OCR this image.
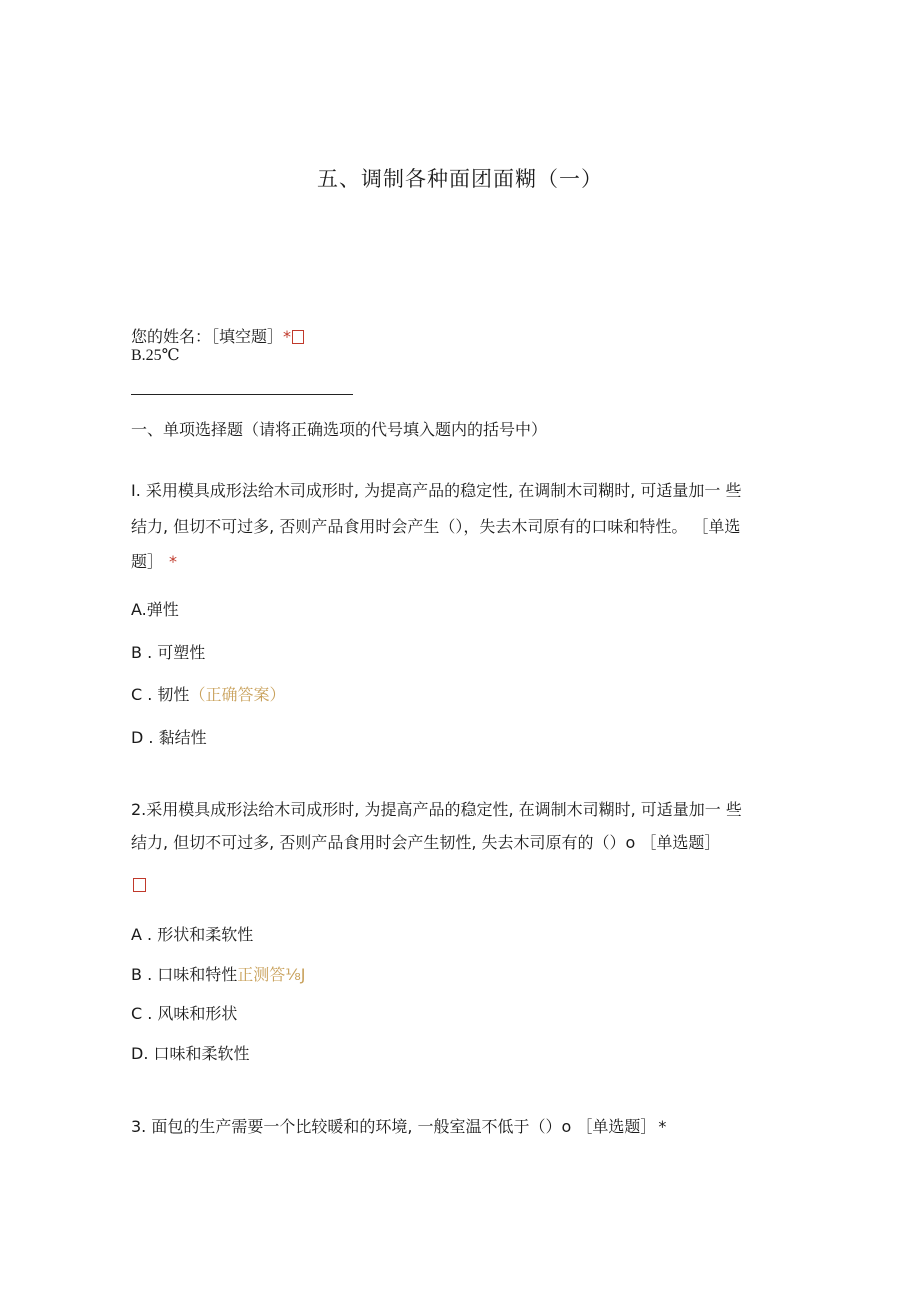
五、调制各种面团面糊（一）
您的姓名：［填空题］*
B.25℃
一、单项选择题（请将正确选项的代号填入题内的括号中）
I. 采用模具成形法给木司成形时, 为提高产品的稳定性, 在调制木司糊时, 可适量加一 些
结力, 但切不可过多, 否则产品食用时会产生（），失去木司原有的口味和特性。 ［单选
题］ *
A.弹性
B . 可塑性
C . 韧性（正确答案）
D . 黏结性
2.采用模具成形法给木司成形时, 为提高产品的稳定性, 在调制木司糊时, 可适量加一 些
结力, 但切不可过多, 否则产品食用时会产生韧性, 失去木司原有的（）o ［单选题］
A . 形状和柔软性
B . 口味和特性正测答⅛J
C . 风味和形状
D. 口味和柔软性
3. 面包的生产需要一个比较暖和的环境, 一般室温不低于（）o ［单选题］ *
